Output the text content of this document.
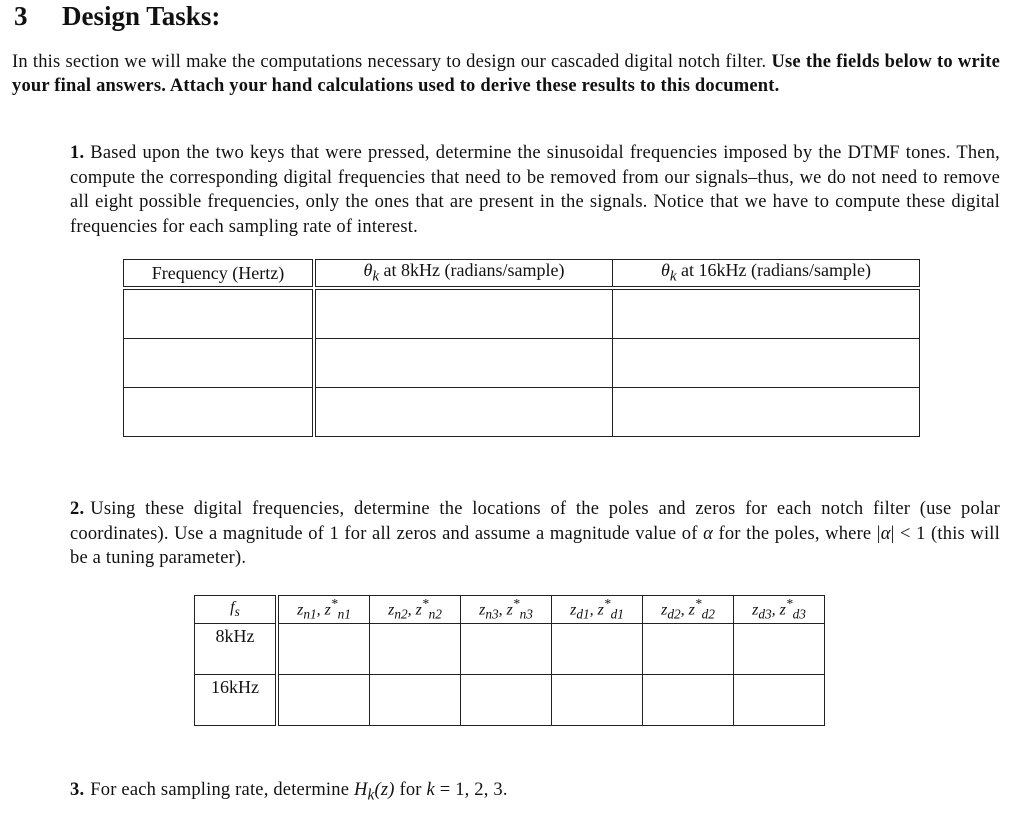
3 Design Tasks:
In this section we will make the computations necessary to design our cascaded digital notch filter. Use the fields below to write your final answers. Attach your hand calculations used to derive these results to this document.
1. Based upon the two keys that were pressed, determine the sinusoidal frequencies imposed by the DTMF tones. Then, compute the corresponding digital frequencies that need to be removed from our signals–thus, we do not need to remove all eight possible frequencies, only the ones that are present in the signals. Notice that we have to compute these digital frequencies for each sampling rate of interest.
Frequency (Hertz)	$\theta_k$ at 8kHz (radians/sample)	$\theta_k$ at 16kHz (radians/sample)

2. Using these digital frequencies, determine the locations of the poles and zeros for each notch filter (use polar coordinates). Use a magnitude of 1 for all zeros and assume a magnitude value of α for the poles, where |α| < 1 (this will be a tuning parameter).
$f_s$	$z_{n1}$, $z^*_{n1}$	$z_{n2}$, $z^*_{n2}$	$z_{n3}$, $z^*_{n3}$	$z_{d1}$, $z^*_{d1}$	$z_{d2}$, $z^*_{d2}$	$z_{d3}$, $z^*_{d3}$
8kHz						
16kHz						
3. For each sampling rate, determine $H_k(z)$ for k = 1, 2, 3.
